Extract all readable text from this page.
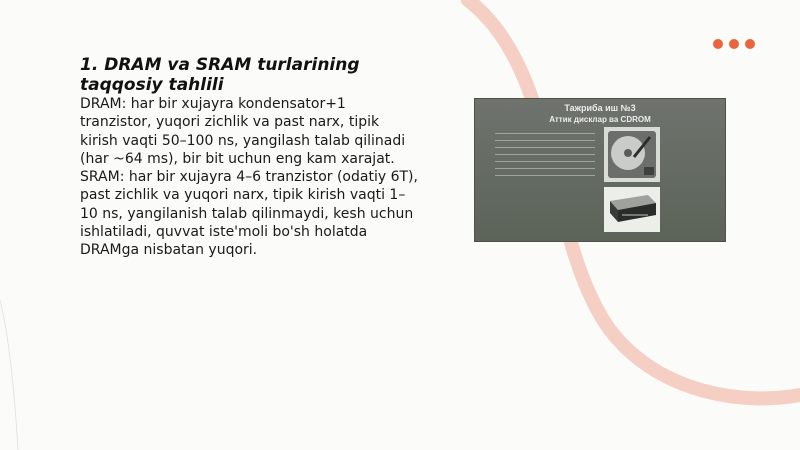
1. DRAM va SRAM turlarining taqqosiy tahlili

DRAM: har bir xujayra kondensator+1 tranzistor, yuqori zichlik va past narx, tipik kirish vaqti 50–100 ns, yangilash talab qilinadi (har ~64 ms), bir bit uchun eng kam xarajat. SRAM: har bir xujayra 4–6 tranzistor (odatiy 6T), past zichlik va yuqori narx, tipik kirish vaqti 1–10 ns, yangilanish talab qilinmaydi, kesh uchun ishlatiladi, quvvat iste'moli bo'sh holatda DRAMga nisbatan yuqori.

Тажриба иш №3
Аттик дисклар ва CDROM
